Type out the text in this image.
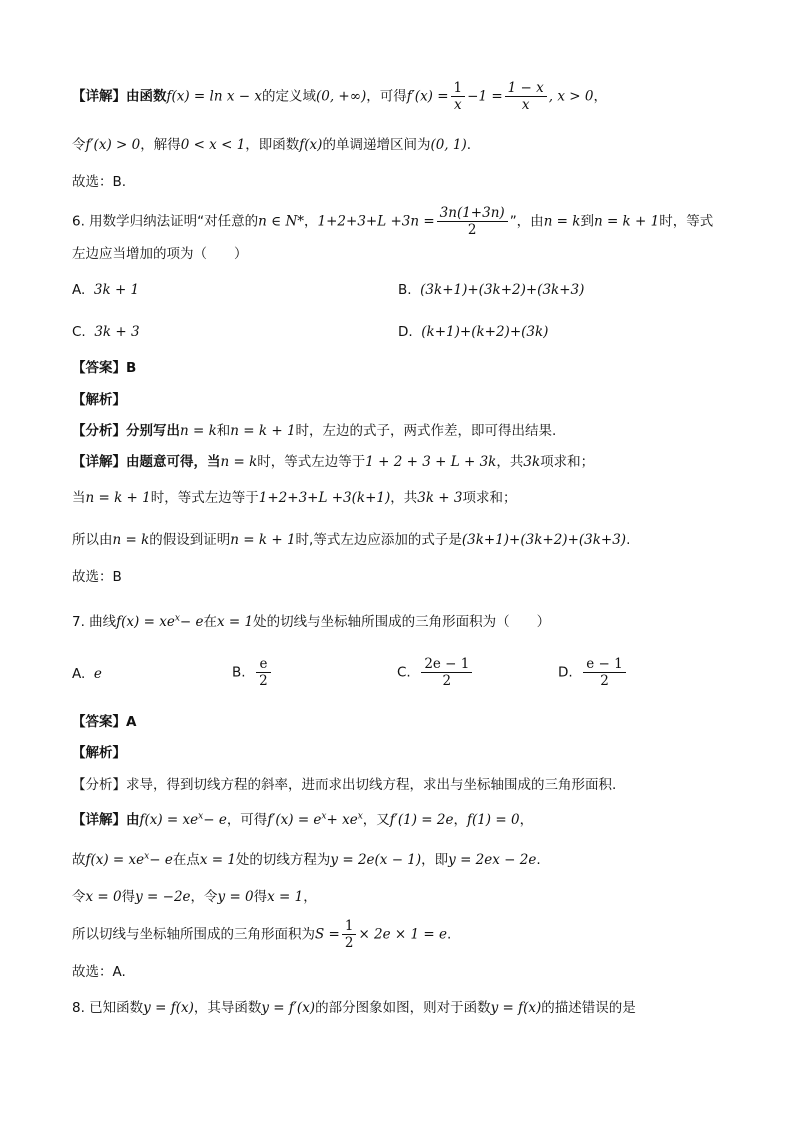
【详解】由函数f(x) = ln x − x的定义域(0, +∞)，可得$f'(x) = \frac{1}{x} -1 = \frac{1 - x}{x}$ , x > 0，
令f′(x) > 0，解得0 < x < 1，即函数f(x)的单调递增区间为(0, 1).
故选：B.
6. 用数学归纳法证明“对任意的n ∈ N*，$1+2+3+L +3n = \frac{3n(1+3n)}{2}$ ”，由n = k到n = k + 1时，等式
左边应当增加的项为（　　）
A. 3k + 1	B. (3k+1)+(3k+2)+(3k+3)
C. 3k + 3	D. (k+1)+(k+2)+(3k)
【答案】B
【解析】
【分析】分别写出n = k和n = k + 1时，左边的式子，两式作差，即可得出结果.
【详解】由题意可得，当n = k时，等式左边等于1 + 2 + 3 + L + 3k，共3k项求和；
当n = k + 1时，等式左边等于1+2+3+L +3(k+1)，共3k + 3项求和；
所以由n = k的假设到证明n = k + 1时,等式左边应添加的式子是(3k+1)+(3k+2)+(3k+3).
故选：B
7. 曲线$f(x) = xe^x- e$在x = 1处的切线与坐标轴所围成的三角形面积为（　　）
A. e	B. $\frac{e}{2}$	C. $\frac{2e - 1}{2}$	D. $\frac{e - 1}{2}$
【答案】A
【解析】
【分析】求导，得到切线方程的斜率，进而求出切线方程，求出与坐标轴围成的三角形面积.
【详解】由$f(x) = xe^x- e$，可得$f'(x) = e^x+ xe^x$，又f′(1) = 2e，f(1) = 0，
故$f(x) = xe^x- e$在点x = 1处的切线方程为y = 2e(x − 1)，即y = 2ex − 2e.
令x = 0得y = −2e，令y = 0得x = 1，
所以切线与坐标轴所围成的三角形面积为$S = \frac{1}{2} \times 2e \times 1 = e$.
故选：A.
8. 已知函数y = f(x)，其导函数y = f′(x)的部分图象如图，则对于函数y = f(x)的描述错误的是
